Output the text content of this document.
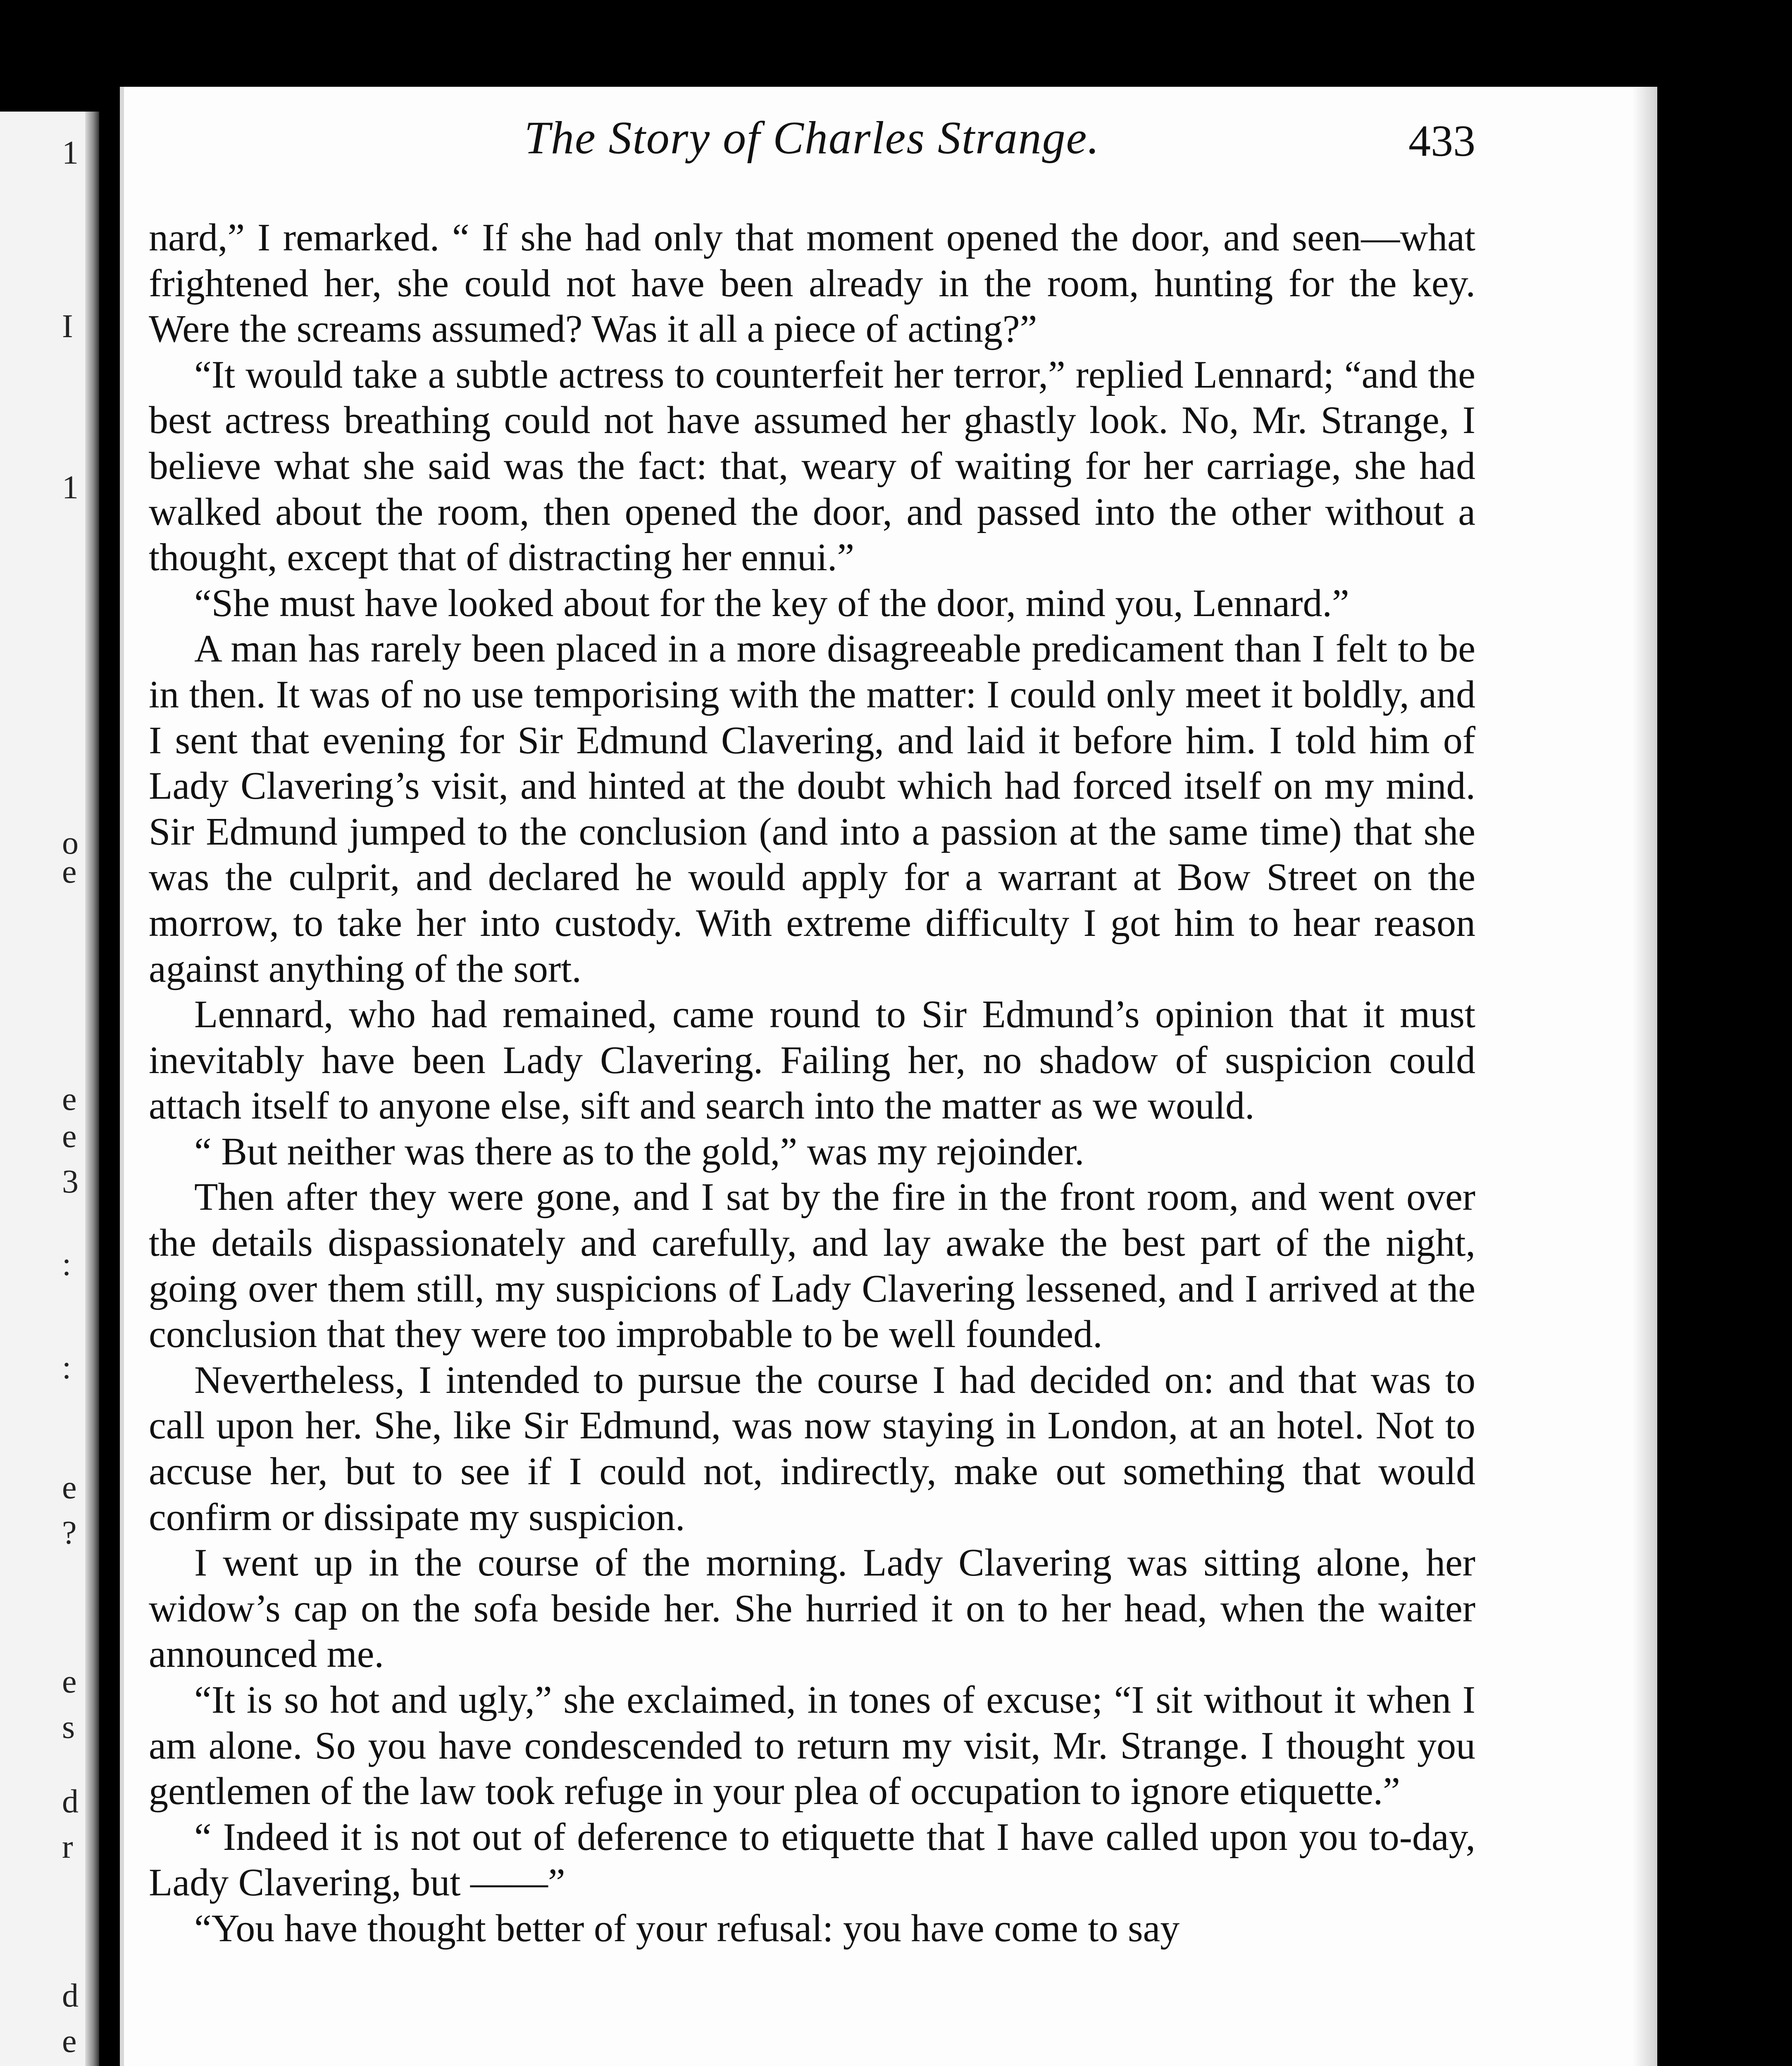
1
I
1
o
e
e
e
3
:
:
e
?
e
s
d
r
d
e
The Story of Charles Strange.	433

nard,” I remarked. “ If she had only that moment opened the door, and seen—what frightened her, she could not have been already in the room, hunting for the key. Were the screams assumed? Was it all a piece of acting?”

“It would take a subtle actress to counterfeit her terror,” replied Lennard; “and the best actress breathing could not have assumed her ghastly look. No, Mr. Strange, I believe what she said was the fact: that, weary of waiting for her carriage, she had walked about the room, then opened the door, and passed into the other without a thought, except that of distracting her ennui.”

“She must have looked about for the key of the door, mind you, Lennard.”

A man has rarely been placed in a more disagreeable predicament than I felt to be in then. It was of no use temporising with the matter: I could only meet it boldly, and I sent that evening for Sir Edmund Clavering, and laid it before him. I told him of Lady Clavering’s visit, and hinted at the doubt which had forced itself on my mind. Sir Edmund jumped to the conclusion (and into a passion at the same time) that she was the culprit, and declared he would apply for a warrant at Bow Street on the morrow, to take her into custody. With extreme difficulty I got him to hear reason against anything of the sort.

Lennard, who had remained, came round to Sir Edmund’s opinion that it must inevitably have been Lady Clavering. Failing her, no shadow of suspicion could attach itself to anyone else, sift and search into the matter as we would.

“ But neither was there as to the gold,” was my rejoinder.

Then after they were gone, and I sat by the fire in the front room, and went over the details dispassionately and carefully, and lay awake the best part of the night, going over them still, my suspicions of Lady Clavering lessened, and I arrived at the conclusion that they were too improbable to be well founded.

Nevertheless, I intended to pursue the course I had decided on: and that was to call upon her. She, like Sir Edmund, was now staying in London, at an hotel. Not to accuse her, but to see if I could not, indirectly, make out something that would confirm or dissipate my suspicion.

I went up in the course of the morning. Lady Clavering was sitting alone, her widow’s cap on the sofa beside her. She hurried it on to her head, when the waiter announced me.

“It is so hot and ugly,” she exclaimed, in tones of excuse; “I sit without it when I am alone. So you have condescended to return my visit, Mr. Strange. I thought you gentlemen of the law took refuge in your plea of occupation to ignore etiquette.”

“ Indeed it is not out of deference to etiquette that I have called upon you to-day, Lady Clavering, but ——”

“You have thought better of your refusal: you have come to say
